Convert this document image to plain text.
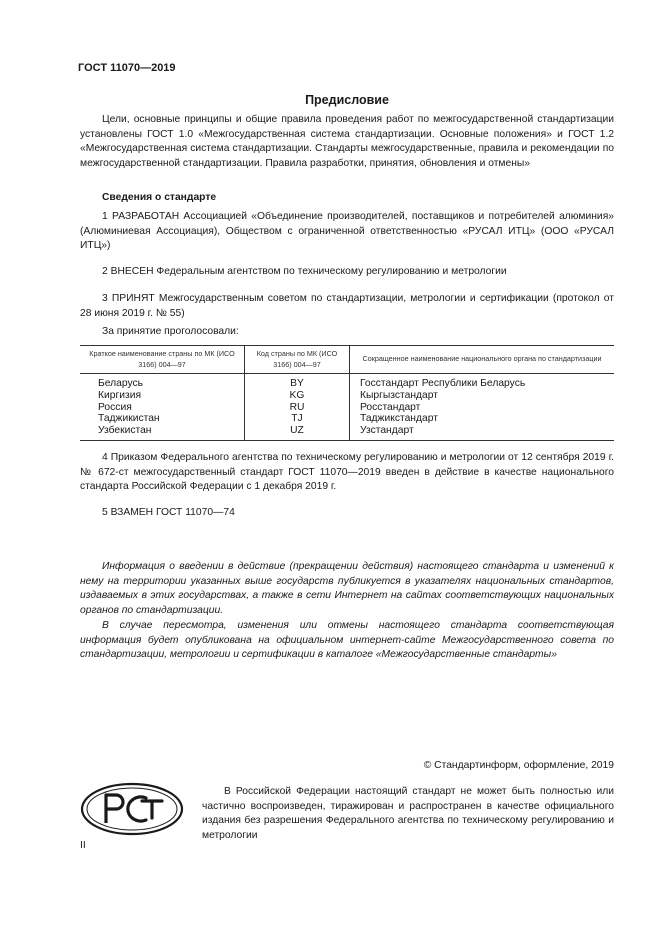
ГОСТ 11070—2019
Предисловие
Цели, основные принципы и общие правила проведения работ по межгосударственной стандартизации установлены ГОСТ 1.0 «Межгосударственная система стандартизации. Основные положения» и ГОСТ 1.2 «Межгосударственная система стандартизации. Стандарты межгосударственные, правила и рекомендации по межгосударственной стандартизации. Правила разработки, принятия, обновления и отмены»
Сведения о стандарте
1 РАЗРАБОТАН Ассоциацией «Объединение производителей, поставщиков и потребителей алюминия» (Алюминиевая Ассоциация), Обществом с ограниченной ответственностью «РУСАЛ ИТЦ» (ООО «РУСАЛ ИТЦ»)
2 ВНЕСЕН Федеральным агентством по техническому регулированию и метрологии
3 ПРИНЯТ Межгосударственным советом по стандартизации, метрологии и сертификации (протокол от 28 июня 2019 г. № 55)
За принятие проголосовали:
Краткое наименование страны по МК (ИСО 3166) 004—97	Код страны по МК (ИСО 3166) 004—97	Сокращенное наименование национального органа по стандартизации
Беларусь	BY	Госстандарт Республики Беларусь
Киргизия	KG	Кыргызстандарт
Россия	RU	Росстандарт
Таджикистан	TJ	Таджикстандарт
Узбекистан	UZ	Узстандарт
4 Приказом Федерального агентства по техническому регулированию и метрологии от 12 сентября 2019 г. № 672-ст межгосударственный стандарт ГОСТ 11070—2019 введен в действие в качестве национального стандарта Российской Федерации с 1 декабря 2019 г.
5 ВЗАМЕН ГОСТ 11070—74
Информация о введении в действие (прекращении действия) настоящего стандарта и изменений к нему на территории указанных выше государств публикуется в указателях национальных стандартов, издаваемых в этих государствах, а также в сети Интернет на сайтах соответствующих национальных органов по стандартизации.
В случае пересмотра, изменения или отмены настоящего стандарта соответствующая информация будет опубликована на официальном интернет-сайте Межгосударственного совета по стандартизации, метрологии и сертификации в каталоге «Межгосударственные стандарты»
© Стандартинформ, оформление, 2019
В Российской Федерации настоящий стандарт не может быть полностью или частично воспроизведен, тиражирован и распространен в качестве официального издания без разрешения Федерального агентства по техническому регулированию и метрологии
II
